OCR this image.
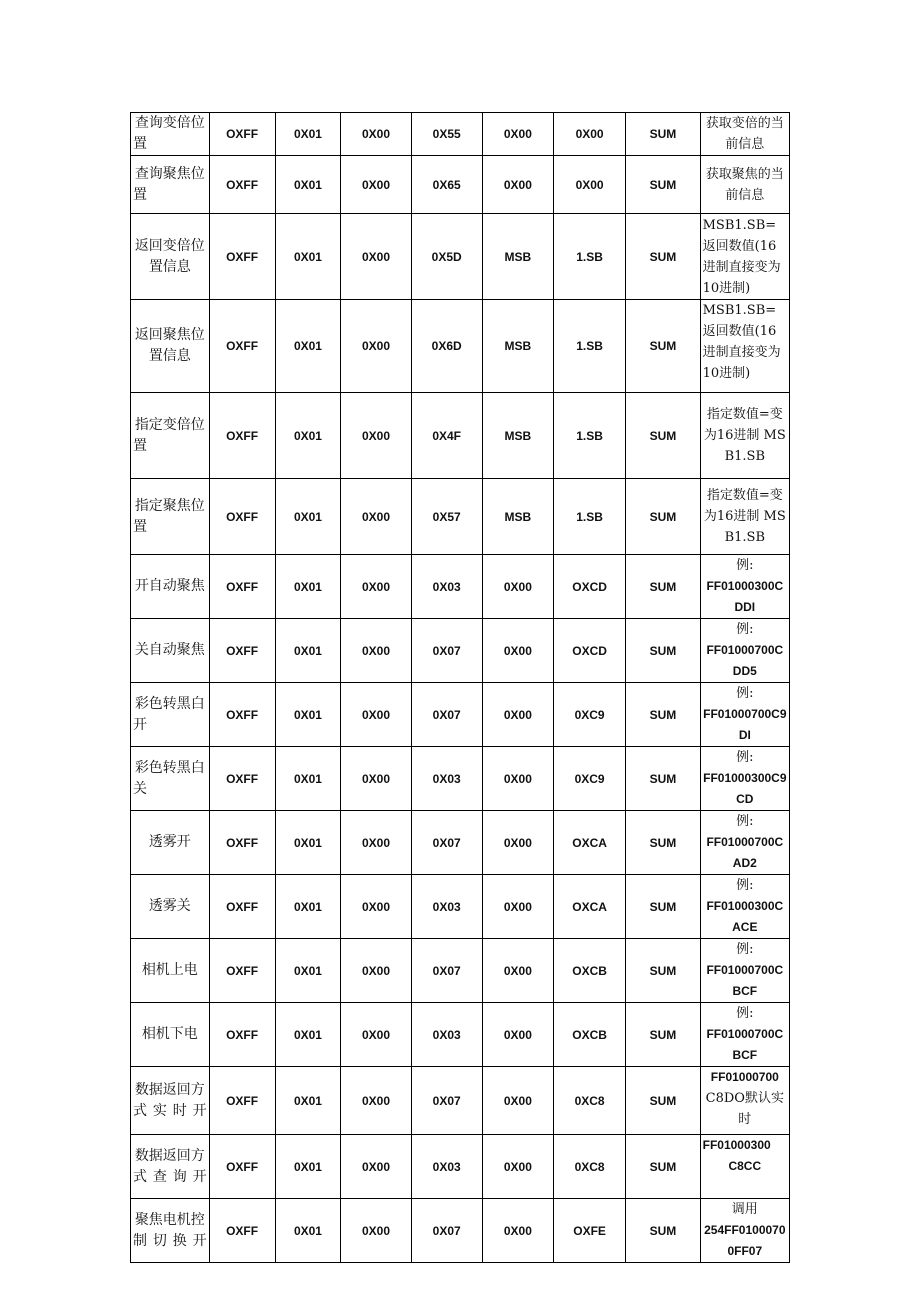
查询变倍位置	OXFF	0X01	0X00	0X55	0X00	0X00	SUM	获取变倍的当前信息
查询聚焦位置	OXFF	0X01	0X00	0X65	0X00	0X00	SUM	获取聚焦的当前信息
返回变倍位置信息	OXFF	0X01	0X00	0X5D	MSB	1.SB	SUM	MSB1.SB=返回数值(16进制直接变为10进制)
返回聚焦位置信息	OXFF	0X01	0X00	0X6D	MSB	1.SB	SUM	MSB1.SB=返回数值(16进制直接变为10进制)
指定变倍位置	OXFF	0X01	0X00	0X4F	MSB	1.SB	SUM	指定数值=变为16进制 MSB1.SB
指定聚焦位置	OXFF	0X01	0X00	0X57	MSB	1.SB	SUM	指定数值=变为16进制 MSB1.SB
开自动聚焦	OXFF	0X01	0X00	0X03	0X00	OXCD	SUM	例:
FF01000300CDDI

关自动聚焦	OXFF	0X01	0X00	0X07	0X00	OXCD	SUM	例:
FF01000700CDD5

彩色转黑白开	OXFF	0X01	0X00	0X07	0X00	0XC9	SUM	例:
FF01000700C9DI

彩色转黑白关	OXFF	0X01	0X00	0X03	0X00	0XC9	SUM	例:
FF01000300C9CD

透雾开	OXFF	0X01	0X00	0X07	0X00	OXCA	SUM	例:
FF01000700CAD2

透雾关	OXFF	0X01	0X00	0X03	0X00	OXCA	SUM	例:
FF01000300CACE

相机上电	OXFF	0X01	0X00	0X07	0X00	OXCB	SUM	例:
FF01000700CBCF

相机下电	OXFF	0X01	0X00	0X03	0X00	OXCB	SUM	例:
FF01000700CBCF

数据返回方式实时开	OXFF	0X01	0X00	0X07	0X00	0XC8	SUM	FF01000700
C8DO默认实时

数据返回方式查询开	OXFF	0X01	0X00	0X03	0X00	0XC8	SUM	FF01000300
C8CC

聚焦电机控制切换开	OXFF	0X01	0X00	0X07	0X00	OXFE	SUM	调用
254FF01000700FF07
